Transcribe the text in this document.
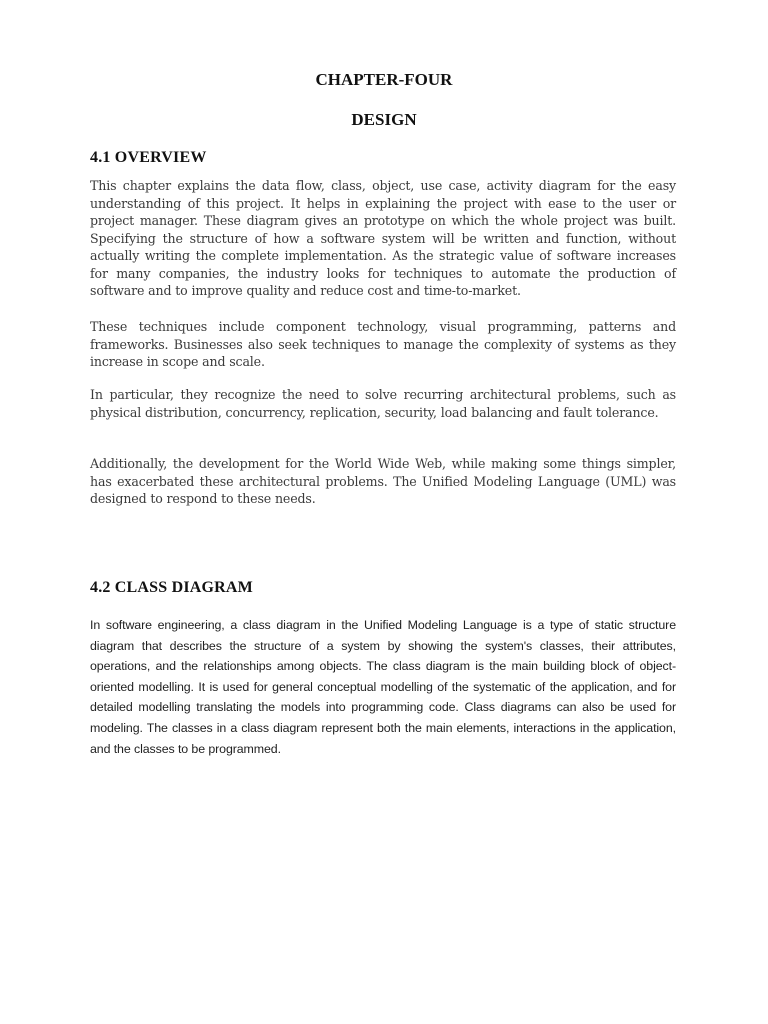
CHAPTER-FOUR
DESIGN
4.1 OVERVIEW

This chapter explains the data flow, class, object, use case, activity diagram for the easy understanding of this project. It helps in explaining the project with ease to the user or project manager. These diagram gives an prototype on which the whole project was built. Specifying the structure of how a software system will be written and function, without actually writing the complete implementation. As the strategic value of software increases for many companies, the industry looks for techniques to automate the production of software and to improve quality and reduce cost and time-to-market.

These techniques include component technology, visual programming, patterns and frameworks. Businesses also seek techniques to manage the complexity of systems as they increase in scope and scale.

In particular, they recognize the need to solve recurring architectural problems, such as physical distribution, concurrency, replication, security, load balancing and fault tolerance.

Additionally, the development for the World Wide Web, while making some things simpler, has exacerbated these architectural problems. The Unified Modeling Language (UML) was designed to respond to these needs.

4.2 CLASS DIAGRAM

In software engineering, a class diagram in the Unified Modeling Language is a type of static structure diagram that describes the structure of a system by showing the system's classes, their attributes, operations, and the relationships among objects. The class diagram is the main building block of object-oriented modelling. It is used for general conceptual modelling of the systematic of the application, and for detailed modelling translating the models into programming code. Class diagrams can also be used for modeling. The classes in a class diagram represent both the main elements, interactions in the application, and the classes to be programmed.
